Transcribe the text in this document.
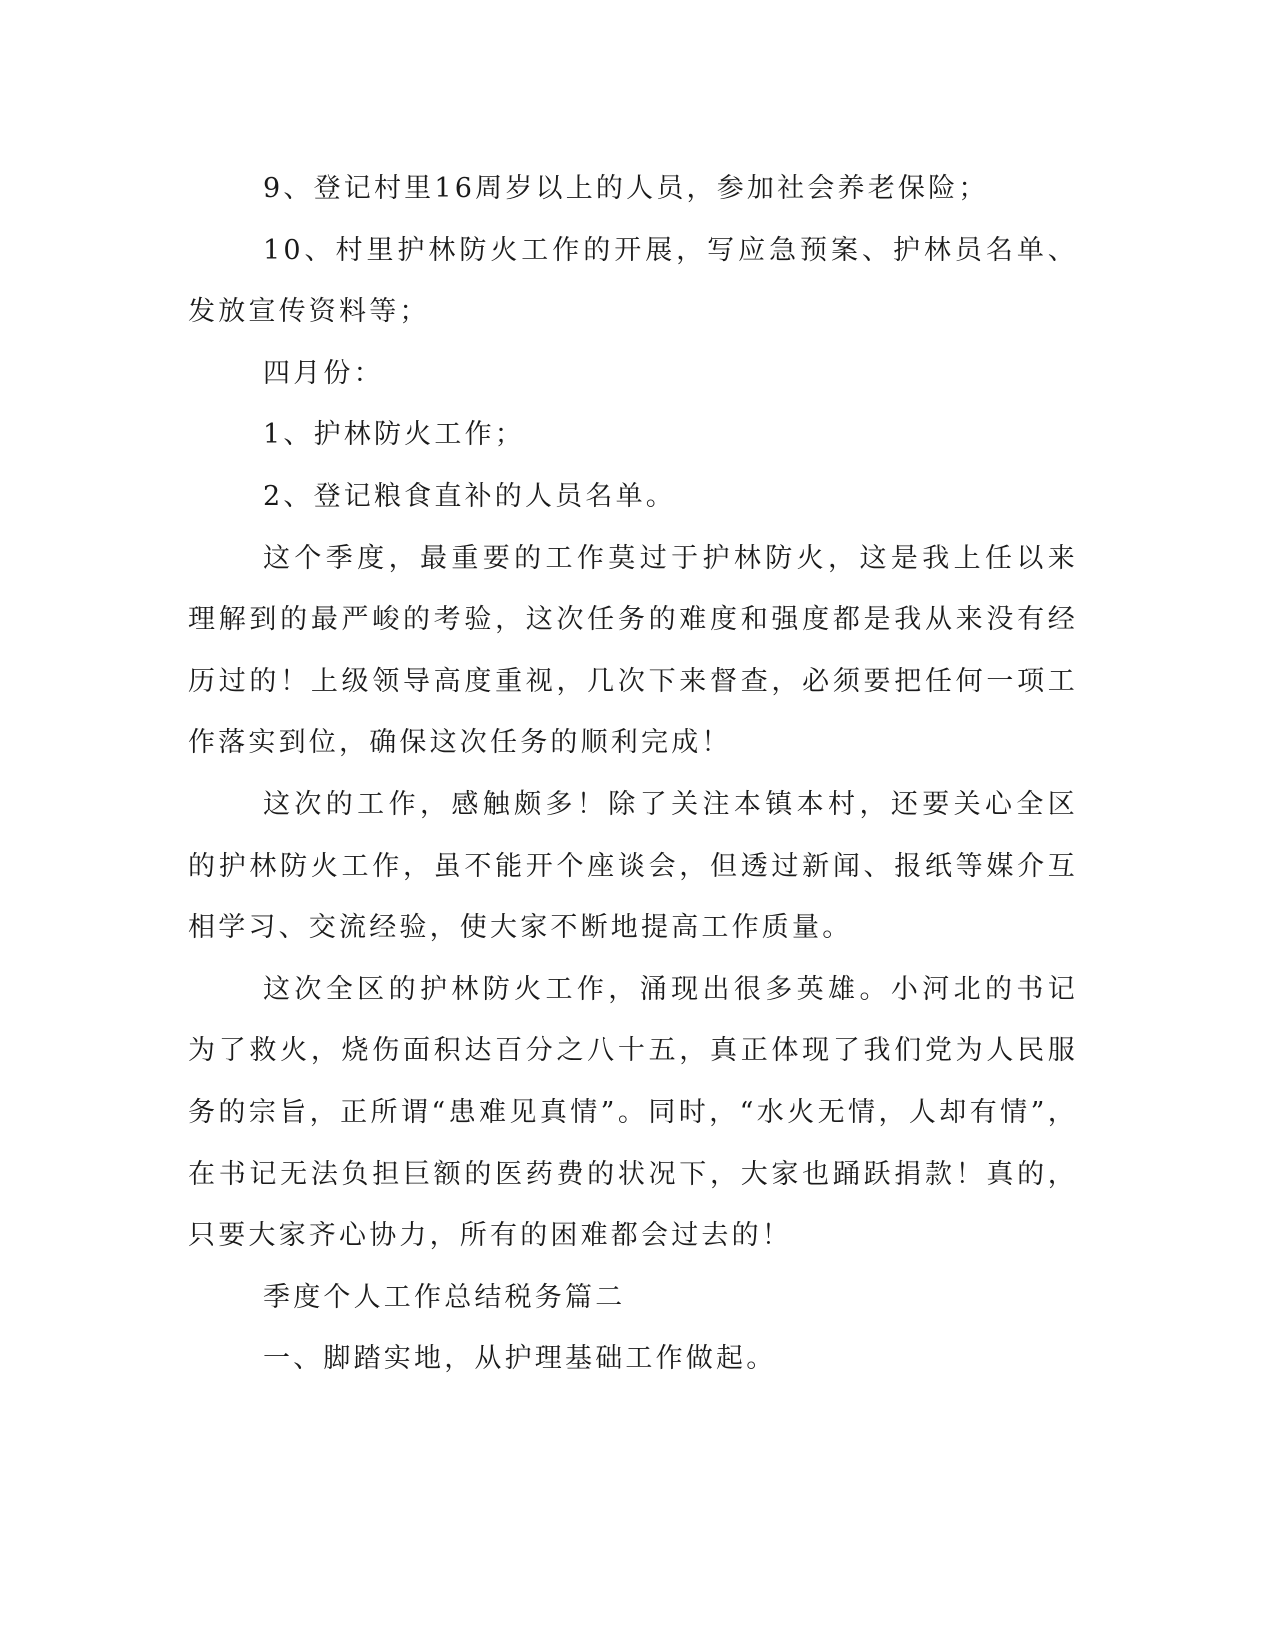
9、登记村里16周岁以上的人员，参加社会养老保险；

10、村里护林防火工作的开展，写应急预案、护林员名单、发放宣传资料等；

四月份：

1、护林防火工作；

2、登记粮食直补的人员名单。

这个季度，最重要的工作莫过于护林防火，这是我上任以来理解到的最严峻的考验，这次任务的难度和强度都是我从来没有经历过的！上级领导高度重视，几次下来督查，必须要把任何一项工作落实到位，确保这次任务的顺利完成！

这次的工作，感触颇多！除了关注本镇本村，还要关心全区的护林防火工作，虽不能开个座谈会，但透过新闻、报纸等媒介互相学习、交流经验，使大家不断地提高工作质量。

这次全区的护林防火工作，涌现出很多英雄。小河北的书记为了救火，烧伤面积达百分之八十五，真正体现了我们党为人民服务的宗旨，正所谓“患难见真情”。同时，“水火无情，人却有情”，在书记无法负担巨额的医药费的状况下，大家也踊跃捐款！真的，只要大家齐心协力，所有的困难都会过去的！

季度个人工作总结税务篇二

一、脚踏实地，从护理基础工作做起。
